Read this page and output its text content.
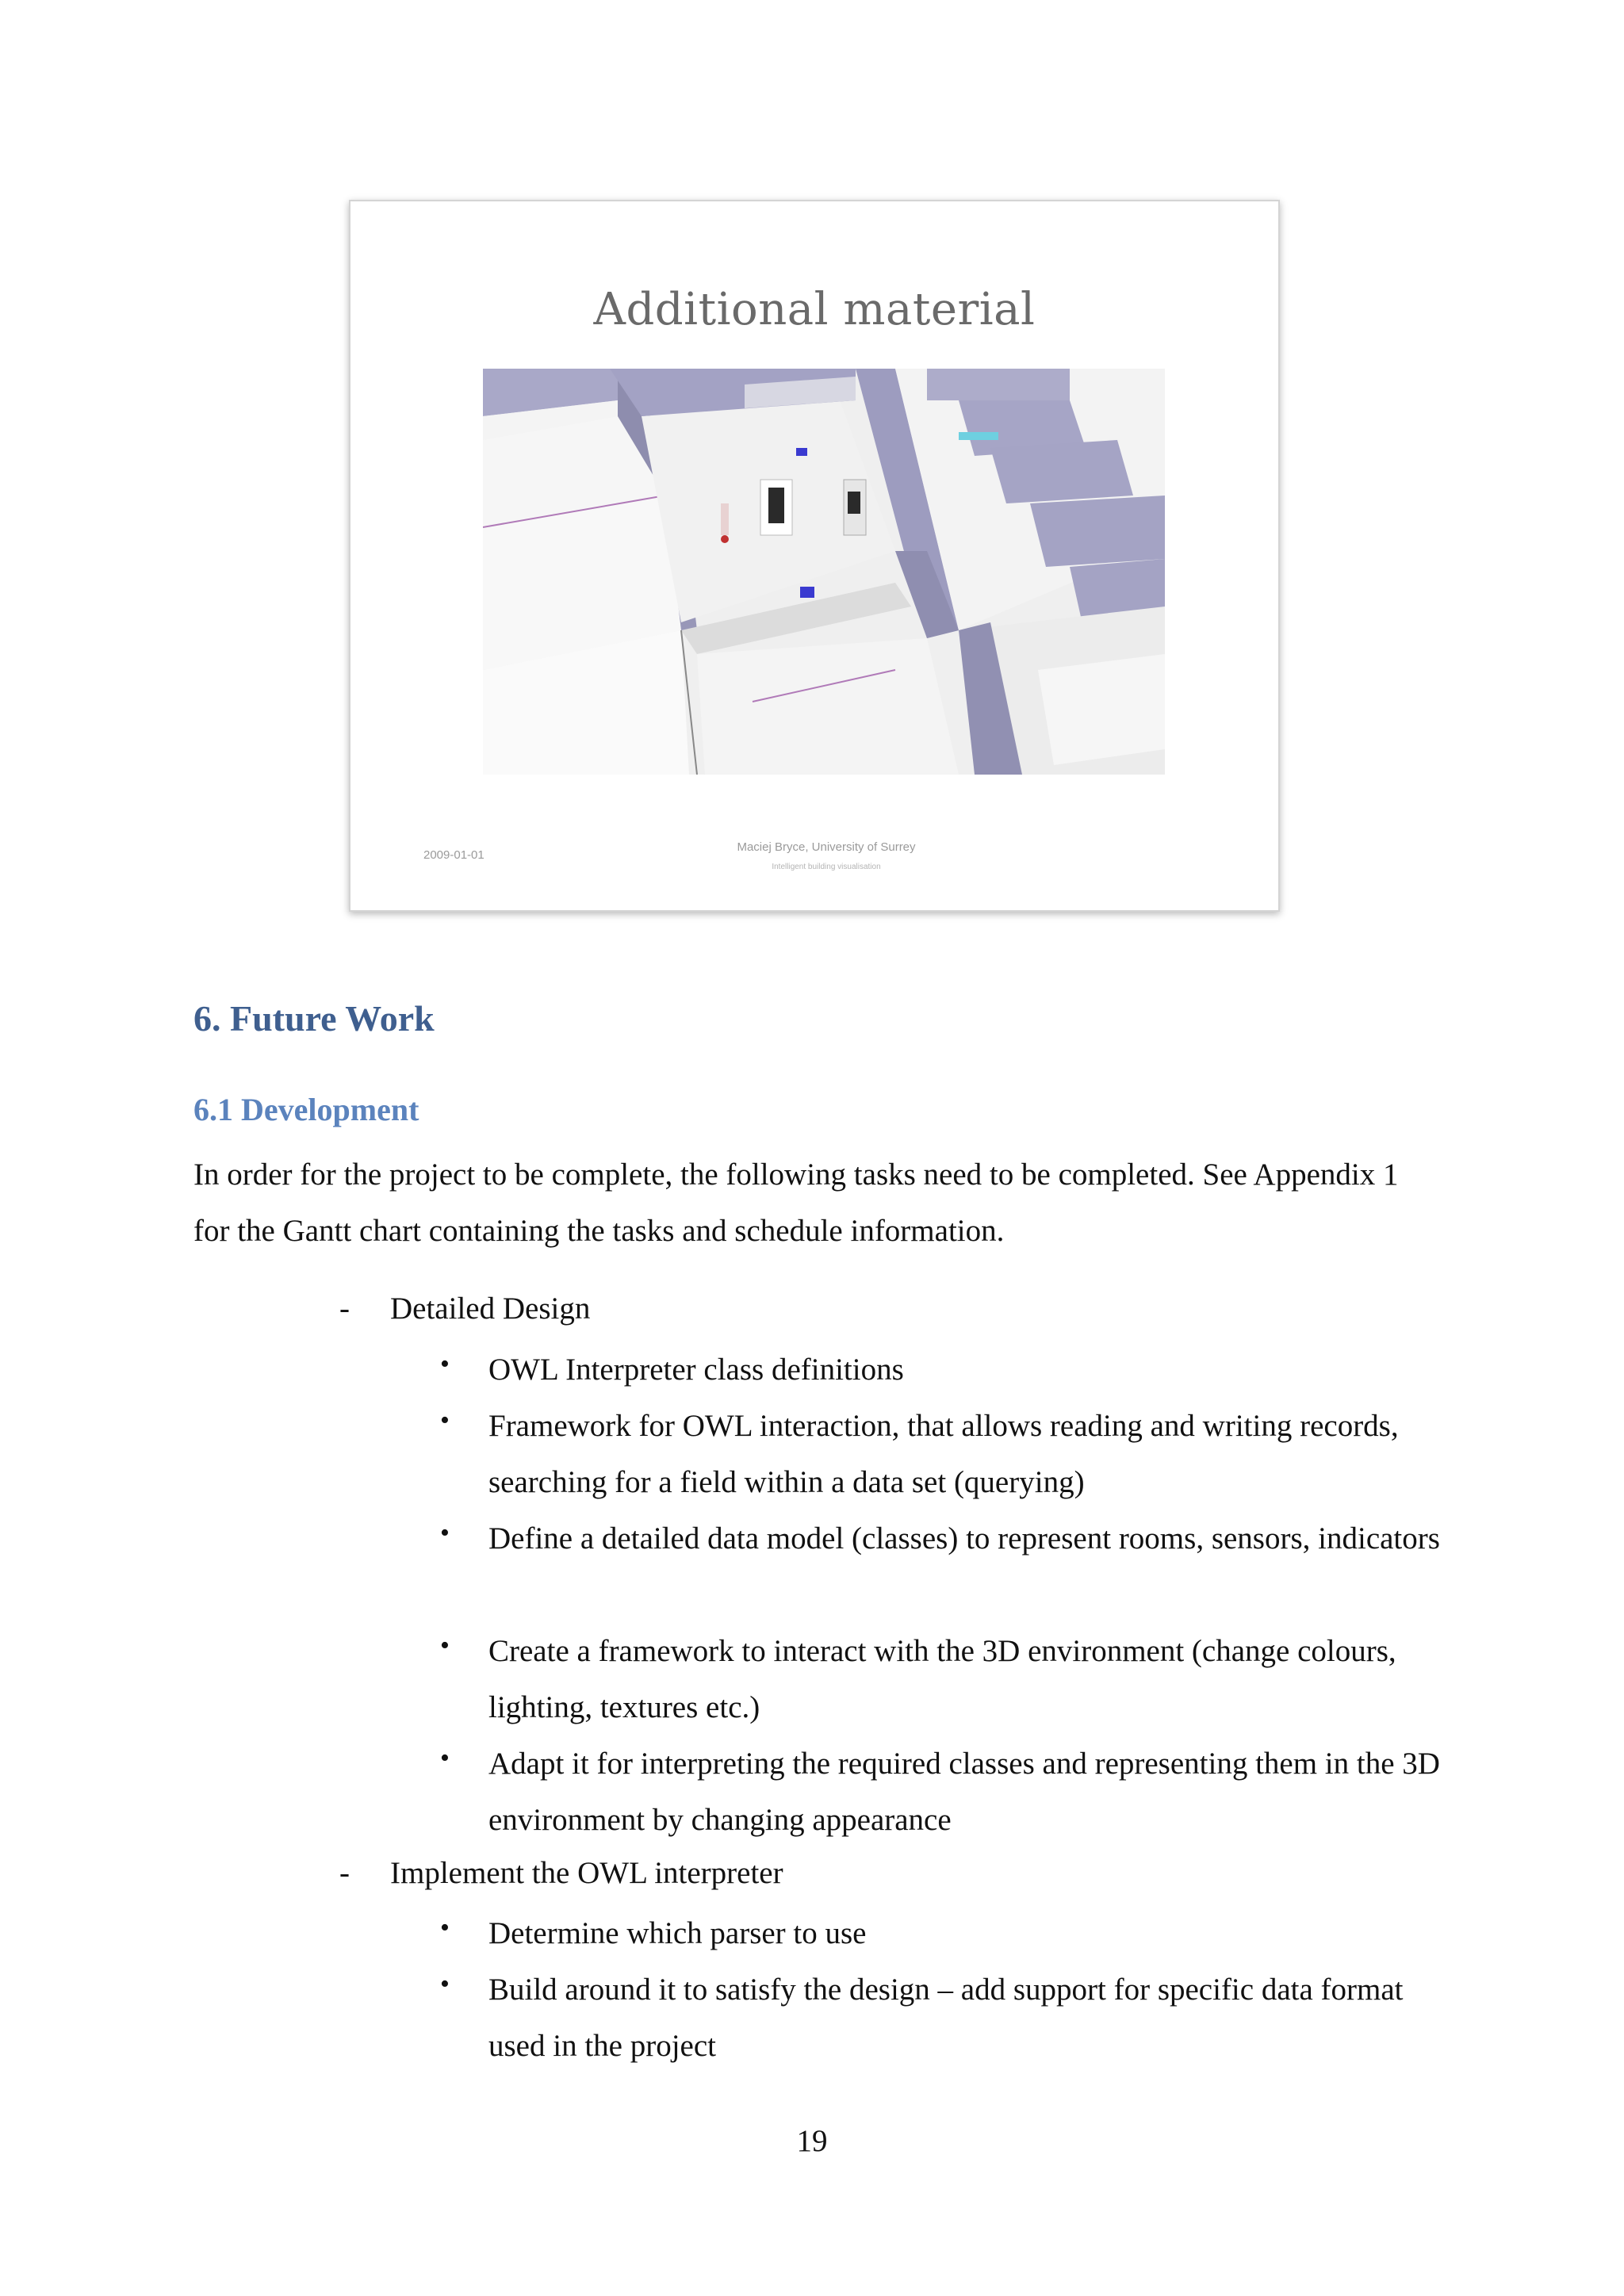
Additional material
2009-01-01
Maciej Bryce, University of Surrey
Intelligent building visualisation
6. Future Work
6.1 Development
In order for the project to be complete, the following tasks need to be completed. See Appendix 1 for the Gantt chart containing the tasks and schedule information.
- Detailed Design
• OWL Interpreter class definitions
• Framework for OWL interaction, that allows reading and writing records, searching for a field within a data set (querying)
• Define a detailed data model (classes) to represent rooms, sensors, indicators
• Create a framework to interact with the 3D environment (change colours, lighting, textures etc.)
• Adapt it for interpreting the required classes and representing them in the 3D environment by changing appearance
- Implement the OWL interpreter
• Determine which parser to use
• Build around it to satisfy the design – add support for specific data format used in the project
19
